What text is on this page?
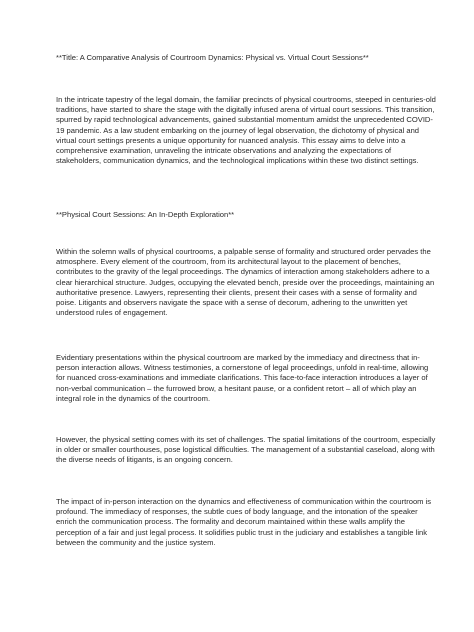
**Title: A Comparative Analysis of Courtroom Dynamics: Physical vs. Virtual Court Sessions**

In the intricate tapestry of the legal domain, the familiar precincts of physical courtrooms, steeped in centuries-old traditions, have started to share the stage with the digitally infused arena of virtual court sessions. This transition, spurred by rapid technological advancements, gained substantial momentum amidst the unprecedented COVID-19 pandemic. As a law student embarking on the journey of legal observation, the dichotomy of physical and virtual court settings presents a unique opportunity for nuanced analysis. This essay aims to delve into a comprehensive examination, unraveling the intricate observations and analyzing the expectations of stakeholders, communication dynamics, and the technological implications within these two distinct settings.

**Physical Court Sessions: An In-Depth Exploration**

Within the solemn walls of physical courtrooms, a palpable sense of formality and structured order pervades the atmosphere. Every element of the courtroom, from its architectural layout to the placement of benches, contributes to the gravity of the legal proceedings. The dynamics of interaction among stakeholders adhere to a clear hierarchical structure. Judges, occupying the elevated bench, preside over the proceedings, maintaining an authoritative presence. Lawyers, representing their clients, present their cases with a sense of formality and poise. Litigants and observers navigate the space with a sense of decorum, adhering to the unwritten yet understood rules of engagement.

Evidentiary presentations within the physical courtroom are marked by the immediacy and directness that in-person interaction allows. Witness testimonies, a cornerstone of legal proceedings, unfold in real-time, allowing for nuanced cross-examinations and immediate clarifications. This face-to-face interaction introduces a layer of non-verbal communication – the furrowed brow, a hesitant pause, or a confident retort – all of which play an integral role in the dynamics of the courtroom.

However, the physical setting comes with its set of challenges. The spatial limitations of the courtroom, especially in older or smaller courthouses, pose logistical difficulties. The management of a substantial caseload, along with the diverse needs of litigants, is an ongoing concern.

The impact of in-person interaction on the dynamics and effectiveness of communication within the courtroom is profound. The immediacy of responses, the subtle cues of body language, and the intonation of the speaker enrich the communication process. The formality and decorum maintained within these walls amplify the perception of a fair and just legal process. It solidifies public trust in the judiciary and establishes a tangible link between the community and the justice system.
